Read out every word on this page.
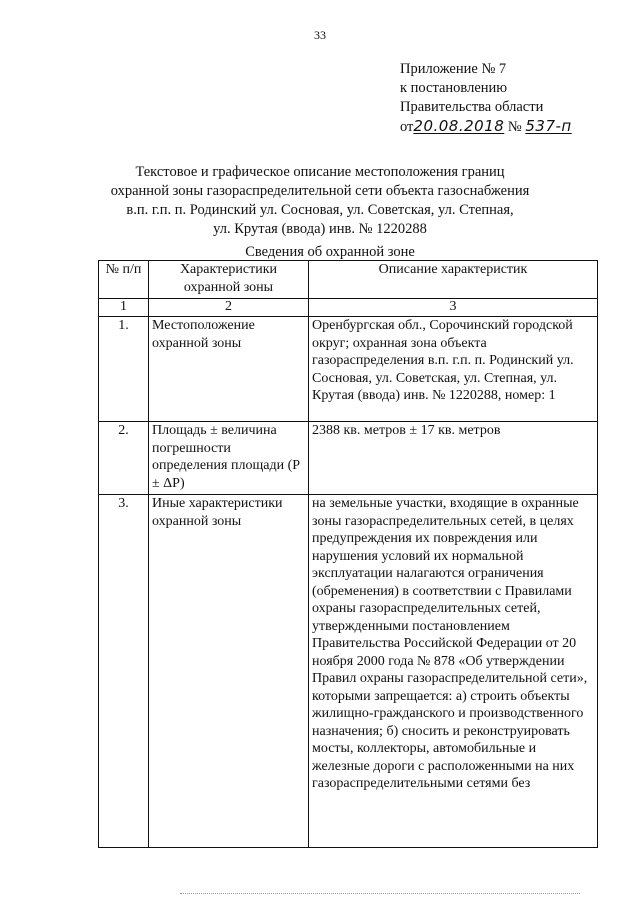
33
Приложение № 7
к постановлению
Правительства области
от20.08.2018 № 537-п
Текстовое и графическое описание местоположения границ
охранной зоны газораспределительной сети объекта газоснабжения
в.п. г.п. п. Родинский ул. Сосновая, ул. Советская, ул. Степная,
ул. Крутая (ввода) инв. № 1220288
Сведения об охранной зоне
№ п/п	Характеристики охранной зоны	Описание характеристик
1	2	3
1.	Местоположение охранной зоны	Оренбургская обл., Сорочинский городской округ; охранная зона объекта газораспределения в.п. г.п. п. Родинский ул. Сосновая, ул. Советская, ул. Степная, ул. Крутая (ввода) инв. № 1220288, номер: 1
2.	Площадь ± величина погрешности определения площади (Р ± ΔР)	2388 кв. метров ± 17 кв. метров
3.	Иные характеристики охранной зоны	на земельные участки, входящие в охранные зоны газораспределительных сетей, в целях предупреждения их повреждения или нарушения условий их нормальной эксплуатации налагаются ограничения (обременения) в соответствии с Правилами охраны газораспределительных сетей, утвержденными постановлением Правительства Российской Федерации от 20 ноября 2000 года № 878 «Об утверждении Правил охраны газораспределительной сети», которыми запрещается: а) строить объекты жилищно-гражданского и производственного назначения; б) сносить и реконструировать мосты, коллекторы, автомобильные и железные дороги с расположенными на них газораспределительными сетями без
